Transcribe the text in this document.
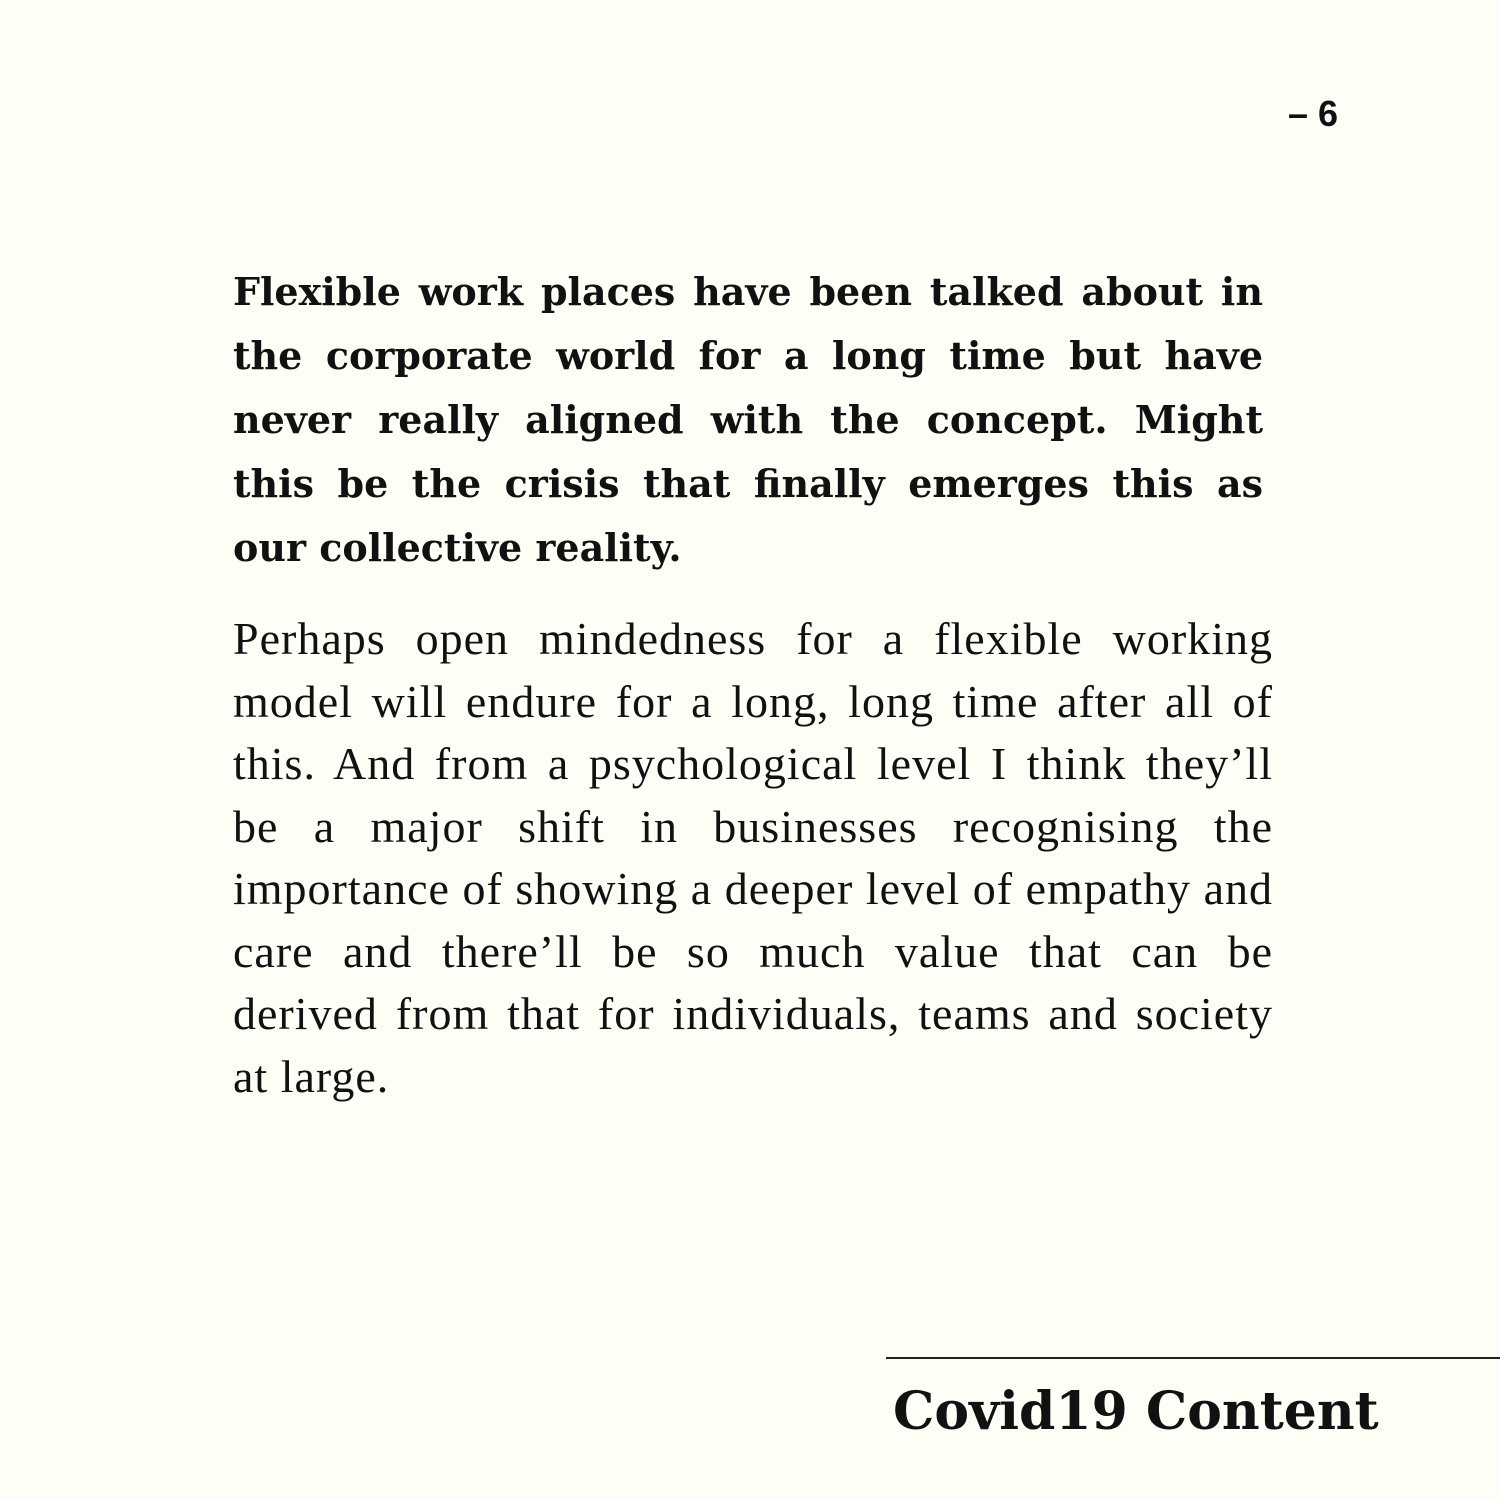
– 6

Flexible work places have been talked about in the corporate world for a long time but have never really aligned with the concept. Might this be the crisis that finally emerges this as our collective reality.

Perhaps open mindedness for a flexible working model will endure for a long, long time after all of this. And from a psychological level I think they’ll be a major shift in businesses recognising the importance of showing a deeper level of empathy and care and there’ll be so much value that can be derived from that for individuals, teams and society at large.

Covid19 Content
